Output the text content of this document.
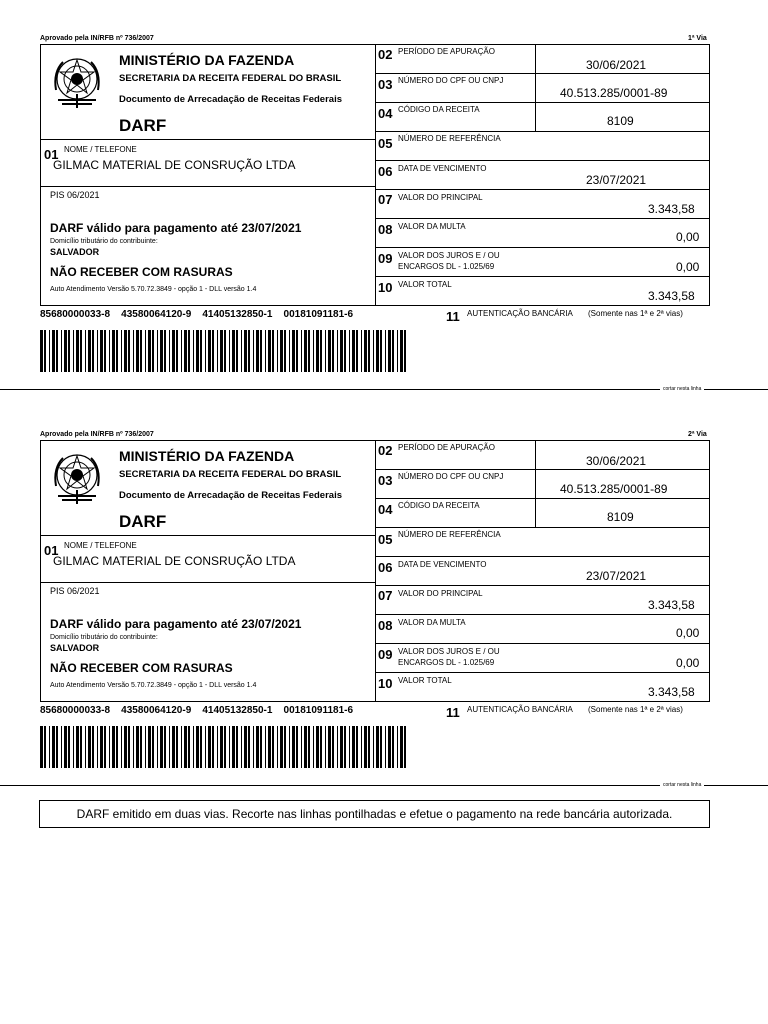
Aprovado pela IN/RFB nº 736/2007	1ª Via
MINISTÉRIO DA FAZENDA
SECRETARIA DA RECEITA FEDERAL DO BRASIL
Documento de Arrecadação de Receitas Federais
DARF
01 NOME / TELEFONE
GILMAC MATERIAL DE CONSRUÇÃO LTDA
PIS 06/2021
DARF válido para pagamento até 23/07/2021
Domicílio tributário do contribuinte:
SALVADOR
NÃO RECEBER COM RASURAS
Auto Atendimento Versão 5.70.72.3849 - opção 1 - DLL versão 1.4
02 PERÍODO DE APURAÇÃO
30/06/2021
03 NÚMERO DO CPF OU CNPJ
40.513.285/0001-89
04 CÓDIGO DA RECEITA
8109
05 NÚMERO DE REFERÊNCIA
06 DATA DE VENCIMENTO
23/07/2021
07 VALOR DO PRINCIPAL
3.343,58
08 VALOR DA MULTA
0,00
09 VALOR DOS JUROS E / OU
ENCARGOS DL - 1.025/69	0,00
10 VALOR TOTAL
3.343,58
85680000033-8    43580064120-9    41405132850-1    00181091181-6	11 AUTENTICAÇÃO BANCÁRIA (Somente nas 1ª e 2ª vias)
cortar nesta linha
Aprovado pela IN/RFB nº 736/2007	2ª Via
MINISTÉRIO DA FAZENDA
SECRETARIA DA RECEITA FEDERAL DO BRASIL
Documento de Arrecadação de Receitas Federais
DARF
01 NOME / TELEFONE
GILMAC MATERIAL DE CONSRUÇÃO LTDA
PIS 06/2021
DARF válido para pagamento até 23/07/2021
Domicílio tributário do contribuinte:
SALVADOR
NÃO RECEBER COM RASURAS
Auto Atendimento Versão 5.70.72.3849 - opção 1 - DLL versão 1.4
02 PERÍODO DE APURAÇÃO
30/06/2021
03 NÚMERO DO CPF OU CNPJ
40.513.285/0001-89
04 CÓDIGO DA RECEITA
8109
05 NÚMERO DE REFERÊNCIA
06 DATA DE VENCIMENTO
23/07/2021
07 VALOR DO PRINCIPAL
3.343,58
08 VALOR DA MULTA
0,00
09 VALOR DOS JUROS E / OU
ENCARGOS DL - 1.025/69	0,00
10 VALOR TOTAL
3.343,58
85680000033-8    43580064120-9    41405132850-1    00181091181-6	11 AUTENTICAÇÃO BANCÁRIA (Somente nas 1ª e 2ª vias)
cortar nesta linha
DARF emitido em duas vias. Recorte nas linhas pontilhadas e efetue o pagamento na rede bancária autorizada.
